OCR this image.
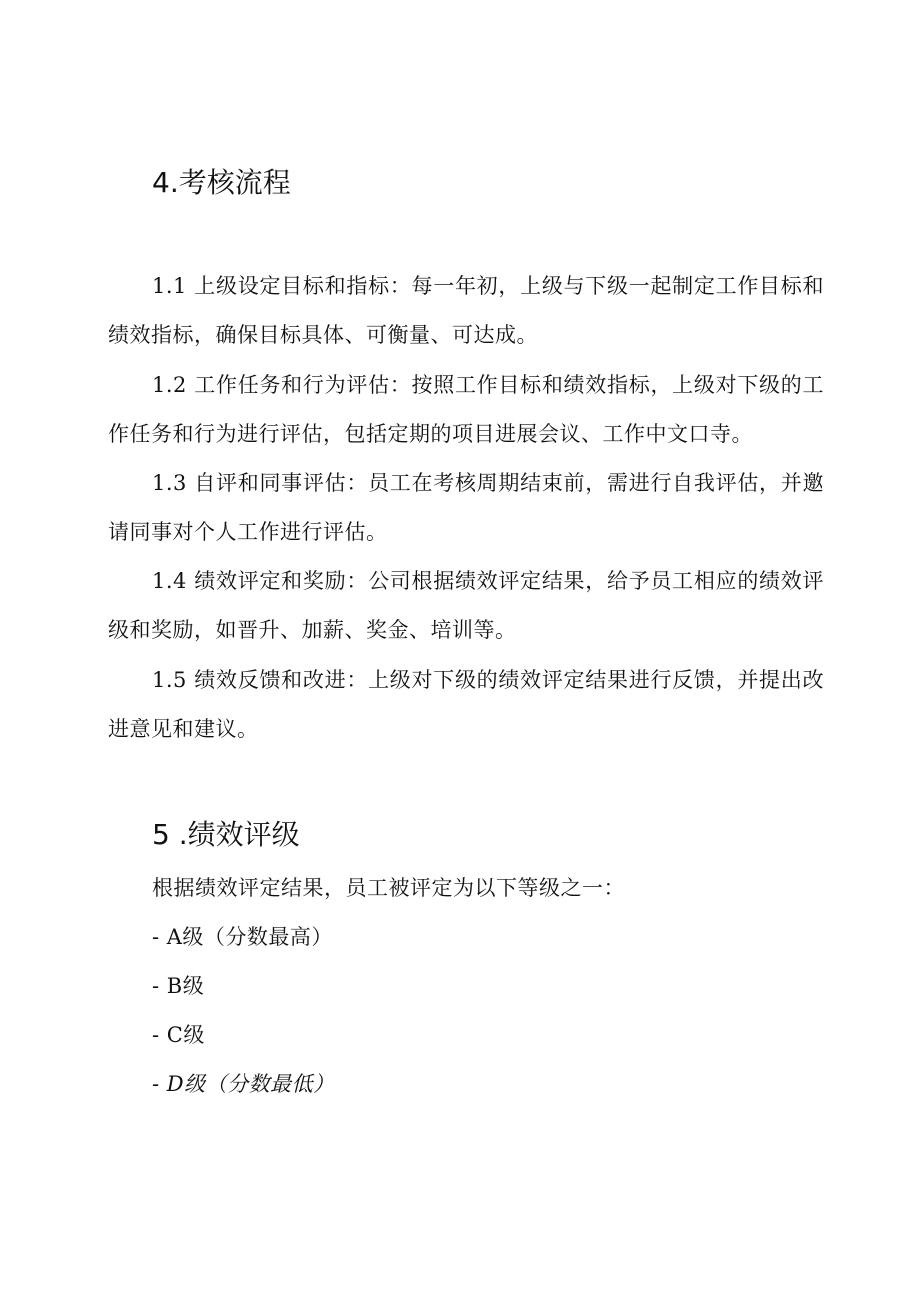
4.考核流程

1.1 上级设定目标和指标：每一年初，上级与下级一起制定工作目标和绩效指标，确保目标具体、可衡量、可达成。

1.2 工作任务和行为评估：按照工作目标和绩效指标，上级对下级的工作任务和行为进行评估，包括定期的项目进展会议、工作中文口寺。

1.3 自评和同事评估：员工在考核周期结束前，需进行自我评估，并邀请同事对个人工作进行评估。

1.4 绩效评定和奖励：公司根据绩效评定结果，给予员工相应的绩效评级和奖励，如晋升、加薪、奖金、培训等。

1.5 绩效反馈和改进：上级对下级的绩效评定结果进行反馈，并提出改进意见和建议。

5 .绩效评级

根据绩效评定结果，员工被评定为以下等级之一：

- A级（分数最高）

- B级

- C级

- D级（分数最低）
